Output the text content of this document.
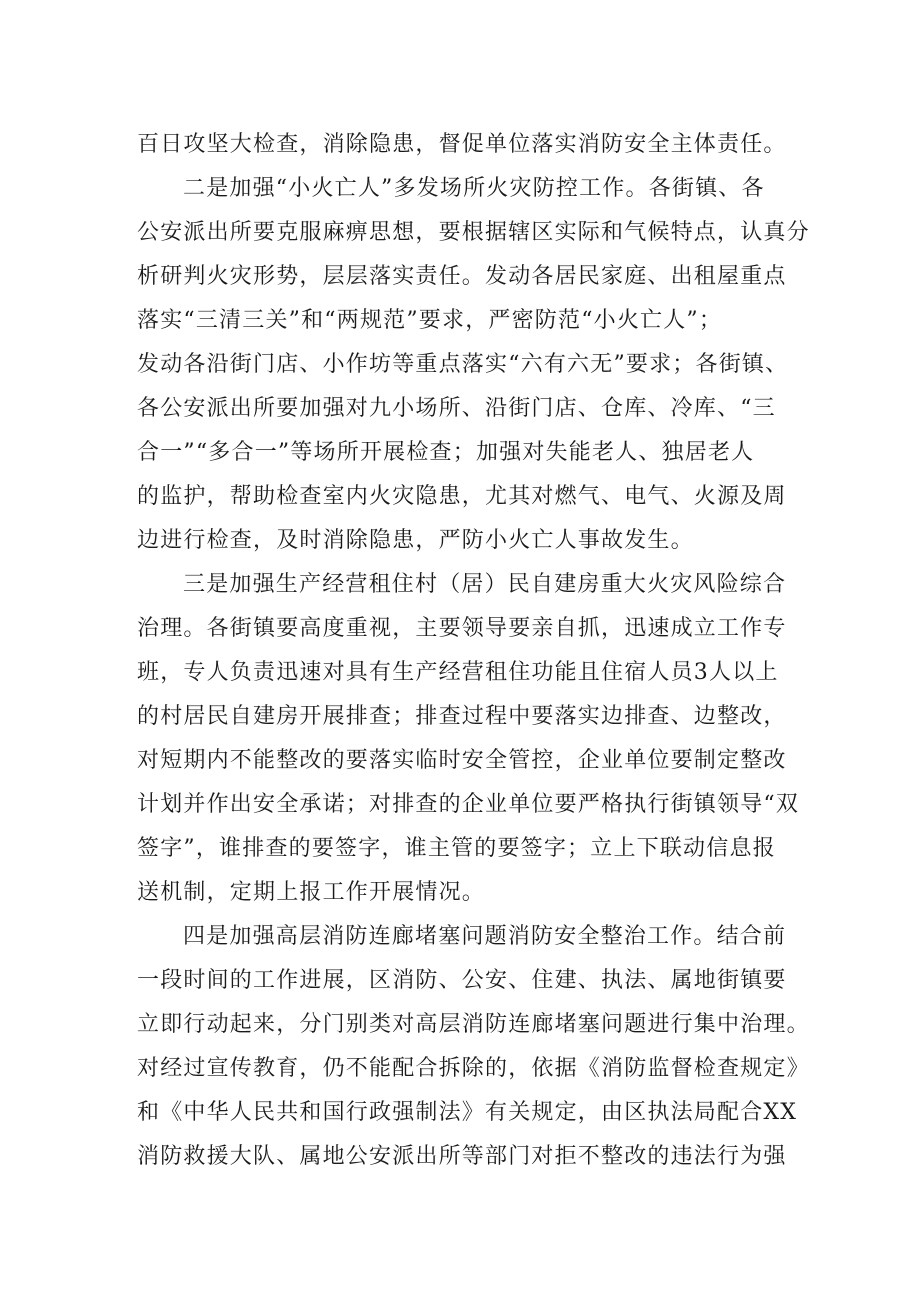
百日攻坚大检查，消除隐患，督促单位落实消防安全主体责任。
二是加强“小火亡人”多发场所火灾防控工作。各街镇、各
公安派出所要克服麻痹思想，要根据辖区实际和气候特点，认真分
析研判火灾形势，层层落实责任。发动各居民家庭、出租屋重点
落实“三清三关”和“两规范”要求，严密防范“小火亡人”；
发动各沿街门店、小作坊等重点落实“六有六无”要求；各街镇、
各公安派出所要加强对九小场所、沿街门店、仓库、冷库、“三
合一”“多合一”等场所开展检查；加强对失能老人、独居老人
的监护，帮助检查室内火灾隐患，尤其对燃气、电气、火源及周
边进行检查，及时消除隐患，严防小火亡人事故发生。
三是加强生产经营租住村（居）民自建房重大火灾风险综合
治理。各街镇要高度重视，主要领导要亲自抓，迅速成立工作专
班，专人负责迅速对具有生产经营租住功能且住宿人员3人以上
的村居民自建房开展排查；排查过程中要落实边排查、边整改，
对短期内不能整改的要落实临时安全管控，企业单位要制定整改
计划并作出安全承诺；对排查的企业单位要严格执行街镇领导“双
签字”，谁排查的要签字，谁主管的要签字；立上下联动信息报
送机制，定期上报工作开展情况。
四是加强高层消防连廊堵塞问题消防安全整治工作。结合前
一段时间的工作进展，区消防、公安、住建、执法、属地街镇要
立即行动起来，分门别类对高层消防连廊堵塞问题进行集中治理。
对经过宣传教育，仍不能配合拆除的，依据《消防监督检查规定》
和《中华人民共和国行政强制法》有关规定，由区执法局配合XX
消防救援大队、属地公安派出所等部门对拒不整改的违法行为强
